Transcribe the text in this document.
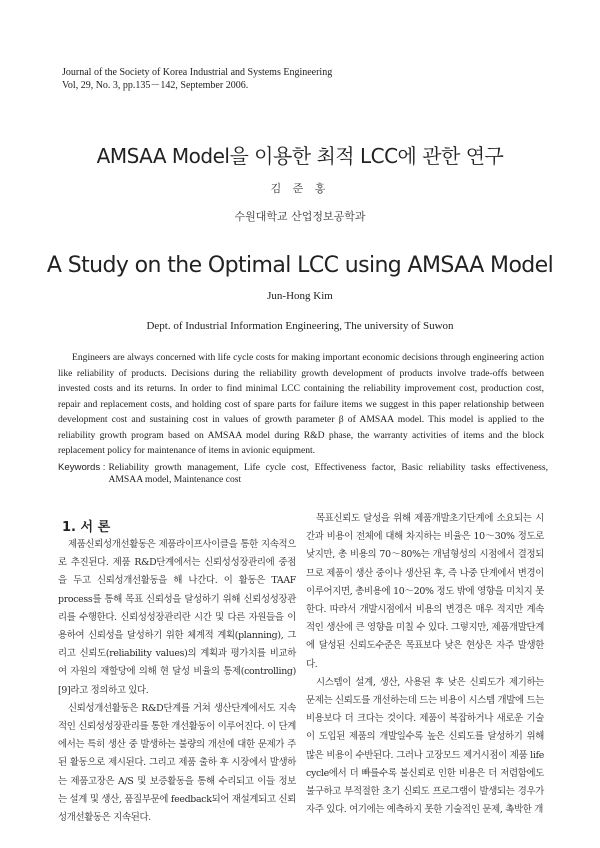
Journal of the Society of Korea Industrial and Systems Engineering
Vol, 29, No. 3, pp.135－142, September 2006.
AMSAA Model을 이용한 최적 LCC에 관한 연구
김 준 홍
수원대학교 산업정보공학과
A Study on the Optimal LCC using AMSAA Model
Jun-Hong Kim
Dept. of Industrial Information Engineering, The university of Suwon

Engineers are always concerned with life cycle costs for making important economic decisions through engineering action like reliability of products. Decisions during the reliability growth development of products involve trade-offs between invested costs and its returns. In order to find minimal LCC containing the reliability improvement cost, production cost, repair and replacement costs, and holding cost of spare parts for failure items we suggest in this paper relationship between development cost and sustaining cost in values of growth parameter β of AMSAA model. This model is applied to the reliability growth program based on AMSAA model during R&D phase, the warranty activities of items and the block replacement policy for maintenance of items in avionic equipment.

Keywords : Reliability growth management, Life cycle cost, Effectiveness factor, Basic reliability tasks effectiveness, AMSAA model, Maintenance cost
1. 서 론

제품신뢰성개선활동은 제품라이프사이클을 통한 지속적으로 추진된다. 제품 R&D단계에서는 신뢰성성장관리에 중점을 두고 신뢰성개선활동을 해 나간다. 이 활동은 TAAF process를 통해 목표 신뢰성을 달성하기 위해 신뢰성성장관리를 수행한다. 신뢰성성장관리란 시간 및 다른 자원들을 이용하여 신뢰성을 달성하기 위한 체계적 계획(planning), 그리고 신뢰도(reliability values)의 계획과 평가치를 비교하여 자원의 재할당에 의해 현 달성 비율의 통제(controlling)[9]라고 정의하고 있다.

신뢰성개선활동은 R&D단계를 거쳐 생산단계에서도 지속적인 신뢰성성장관리를 통한 개선활동이 이루어진다. 이 단계에서는 특히 생산 중 발생하는 불량의 개선에 대한 문제가 주된 활동으로 제시된다. 그리고 제품 출하 후 시장에서 발생하는 제품고장은 A/S 및 보증활동을 통해 수리되고 이들 정보는 설계 및 생산, 품질부문에 feedback되어 재설계되고 신뢰성개선활동은 지속된다.

목표신뢰도 달성을 위해 제품개발초기단계에 소요되는 시간과 비용이 전체에 대해 차지하는 비율은 10～30% 정도로 낮지만, 총 비용의 70～80%는 개념형성의 시점에서 결정되므로 제품이 생산 중이나 생산된 후, 즉 나중 단계에서 변경이 이루어지면, 총비용에 10～20% 정도 밖에 영향을 미치지 못한다. 따라서 개발시점에서 비용의 변경은 매우 적지만 계속적인 생산에 큰 영향을 미칠 수 있다. 그렇지만, 제품개발단계에 달성된 신뢰도수준은 목표보다 낮은 현상은 자주 발생한다.

시스템이 설계, 생산, 사용된 후 낮은 신뢰도가 제기하는 문제는 신뢰도를 개선하는데 드는 비용이 시스템 개발에 드는 비용보다 더 크다는 것이다. 제품이 복잡하거나 새로운 기술이 도입된 제품의 개발일수록 높은 신뢰도를 달성하기 위해 많은 비용이 수반된다. 그러나 고장모드 제거시점이 제품 life cycle에서 더 빠를수록 불신뢰로 인한 비용은 더 저렴함에도 불구하고 부적절한 초기 신뢰도 프로그램이 발생되는 경우가 자주 있다. 여기에는 예측하지 못한 기술적인 문제, 촉박한 개
